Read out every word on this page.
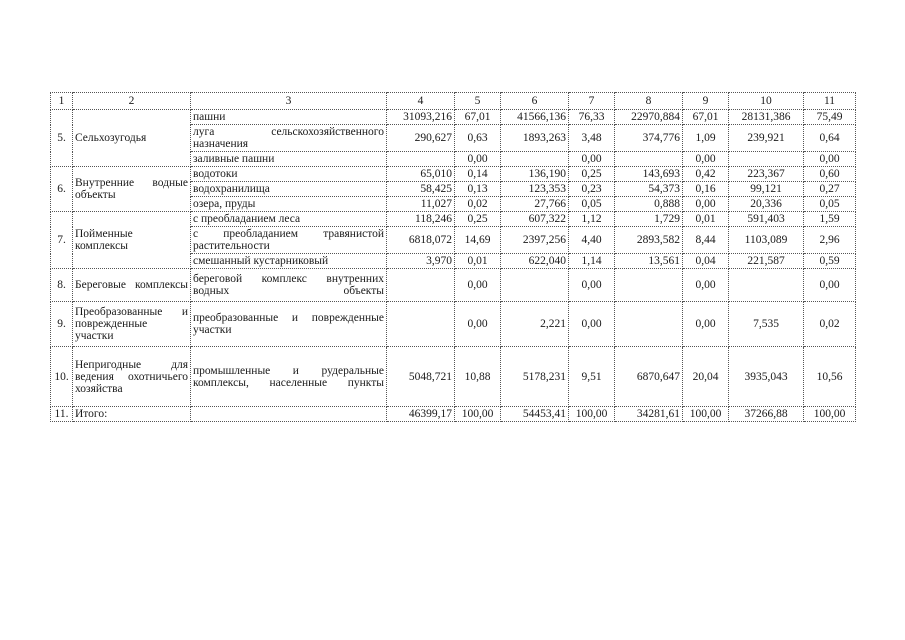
1	2	3	4	5	6	7	8	9	10	11
5.	Сельхозугодья	пашни	31093,216	67,01	41566,136	76,33	22970,884	67,01	28131,386	75,49
		луга сельскохозяйственного назначения	290,627	0,63	1893,263	3,48	374,776	1,09	239,921	0,64
		заливные пашни		0,00		0,00		0,00		0,00
6.	Внутренние водные объекты	водотоки	65,010	0,14	136,190	0,25	143,693	0,42	223,367	0,60
		водохранилища	58,425	0,13	123,353	0,23	54,373	0,16	99,121	0,27
		озера, пруды	11,027	0,02	27,766	0,05	0,888	0,00	20,336	0,05
7.	Пойменные комплексы	с преобладанием леса	118,246	0,25	607,322	1,12	1,729	0,01	591,403	1,59
		с преобладанием травянистой растительности	6818,072	14,69	2397,256	4,40	2893,582	8,44	1103,089	2,96
		смешанный кустарниковый	3,970	0,01	622,040	1,14	13,561	0,04	221,587	0,59
8.	Береговые комплексы	береговой комплекс внутренних водных объекты		0,00		0,00		0,00		0,00
9.	Преобразованные и поврежденные участки	преобразованные и поврежденные участки		0,00	2,221	0,00		0,00	7,535	0,02
10.	Непригодные для ведения охотничьего хозяйства	промышленные и рудеральные комплексы, населенные пункты	5048,721	10,88	5178,231	9,51	6870,647	20,04	3935,043	10,56
11.	Итого:		46399,17	100,00	54453,41	100,00	34281,61	100,00	37266,88	100,00
